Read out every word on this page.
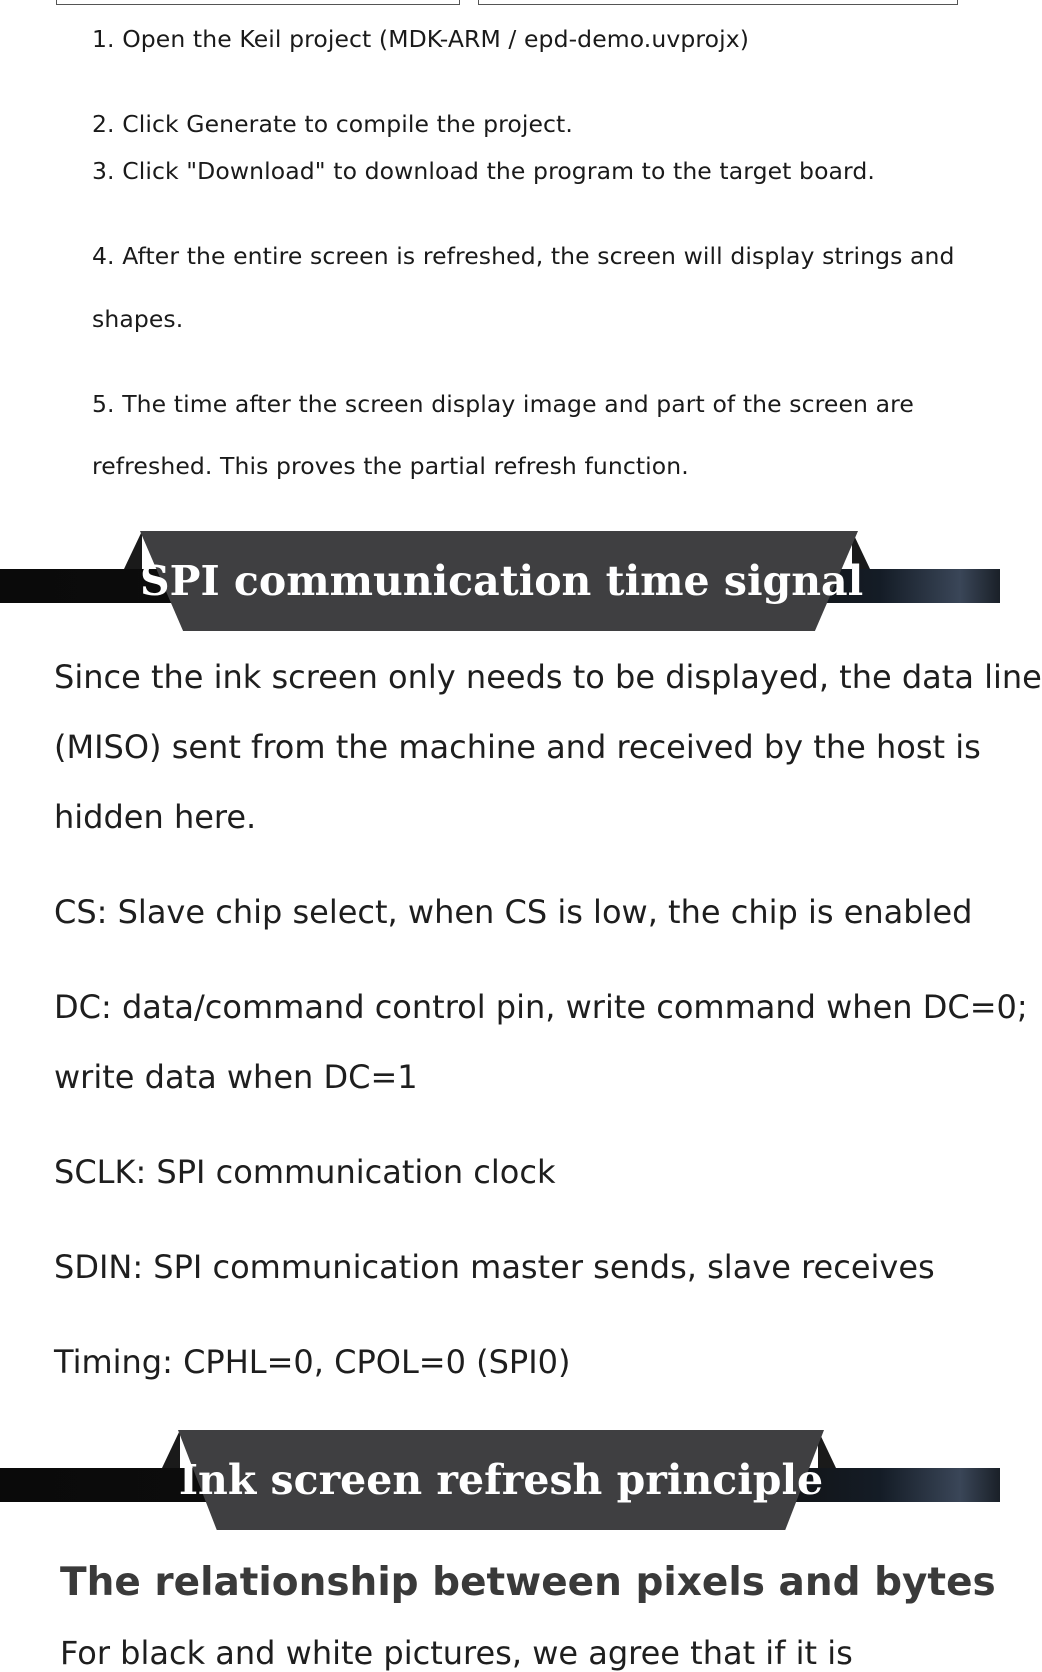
1. Open the Keil project (MDK-ARM / epd-demo.uvprojx)
2. Click Generate to compile the project.
3. Click "Download" to download the program to the target board.
4. After the entire screen is refreshed, the screen will display strings and
shapes.
5. The time after the screen display image and part of the screen are
refreshed. This proves the partial refresh function.
SPI communication time signal
Since the ink screen only needs to be displayed, the data line
(MISO) sent from the machine and received by the host is
hidden here.
CS: Slave chip select, when CS is low, the chip is enabled
DC: data/command control pin, write command when DC=0;
write data when DC=1
SCLK: SPI communication clock
SDIN: SPI communication master sends, slave receives
Timing: CPHL=0, CPOL=0 (SPI0)
Ink screen refresh principle
The relationship between pixels and bytes
For black and white pictures, we agree that if it is
